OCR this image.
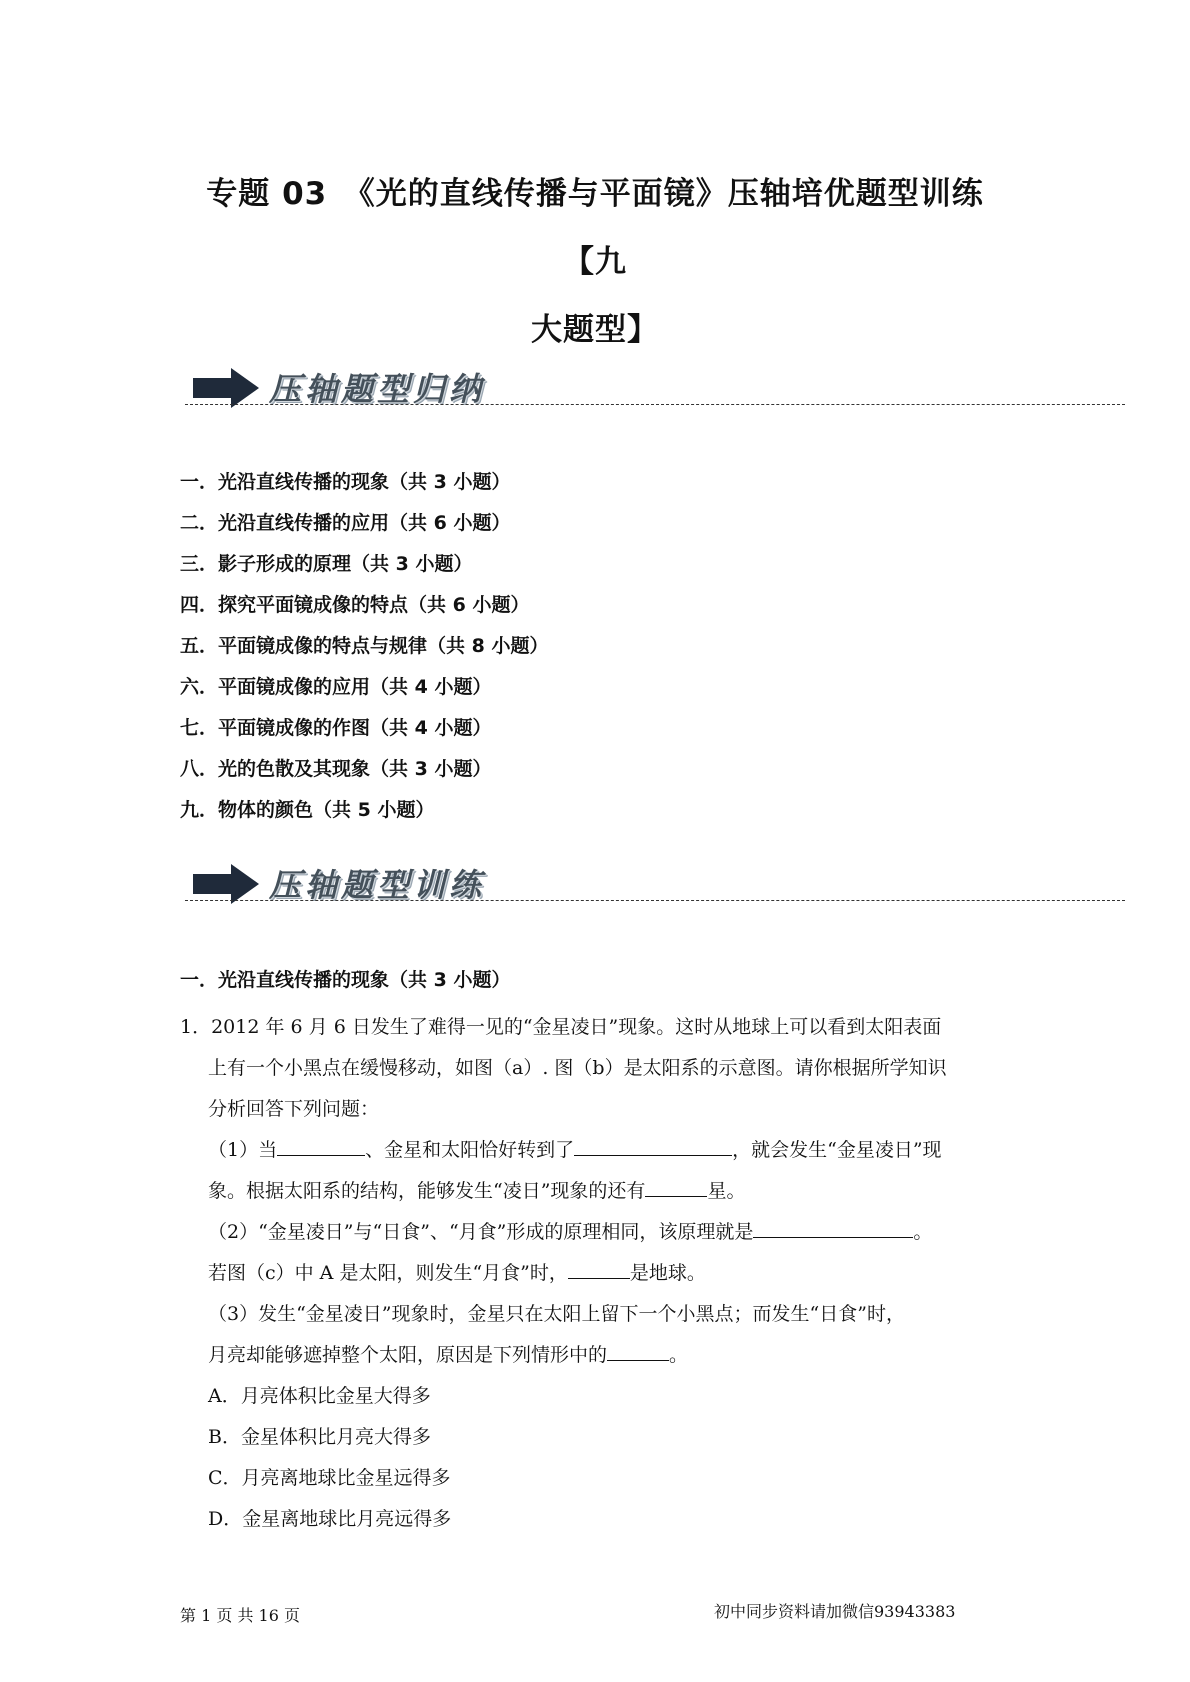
专题 03　《光的直线传播与平面镜》压轴培优题型训练【九
大题型】
压轴题型归纳
一．光沿直线传播的现象（共 3 小题）
二．光沿直线传播的应用（共 6 小题）
三．影子形成的原理（共 3 小题）
四．探究平面镜成像的特点（共 6 小题）
五．平面镜成像的特点与规律（共 8 小题）
六．平面镜成像的应用（共 4 小题）
七．平面镜成像的作图（共 4 小题）
八．光的色散及其现象（共 3 小题）
九．物体的颜色（共 5 小题）
压轴题型训练
一．光沿直线传播的现象（共 3 小题）

1．2012 年 6 月 6 日发生了难得一见的“金星凌日”现象。这时从地球上可以看到太阳表面

上有一个小黑点在缓慢移动，如图（a）. 图（b）是太阳系的示意图。请你根据所学知识

分析回答下列问题：

（1）当	、金星和太阳恰好转到了	，就会发生“金星凌日”现

象。根据太阳系的结构，能够发生“凌日”现象的还有	星。

（2）“金星凌日”与“日食”、“月食”形成的原理相同，该原理就是	。

若图（c）中 A 是太阳，则发生“月食”时，	是地球。

（3）发生“金星凌日”现象时，金星只在太阳上留下一个小黑点；而发生“日食”时，

月亮却能够遮掉整个太阳，原因是下列情形中的	。

A．月亮体积比金星大得多

B．金星体积比月亮大得多

C．月亮离地球比金星远得多

D．金星离地球比月亮远得多

第 1 页 共 16 页	初中同步资料请加微信93943383
